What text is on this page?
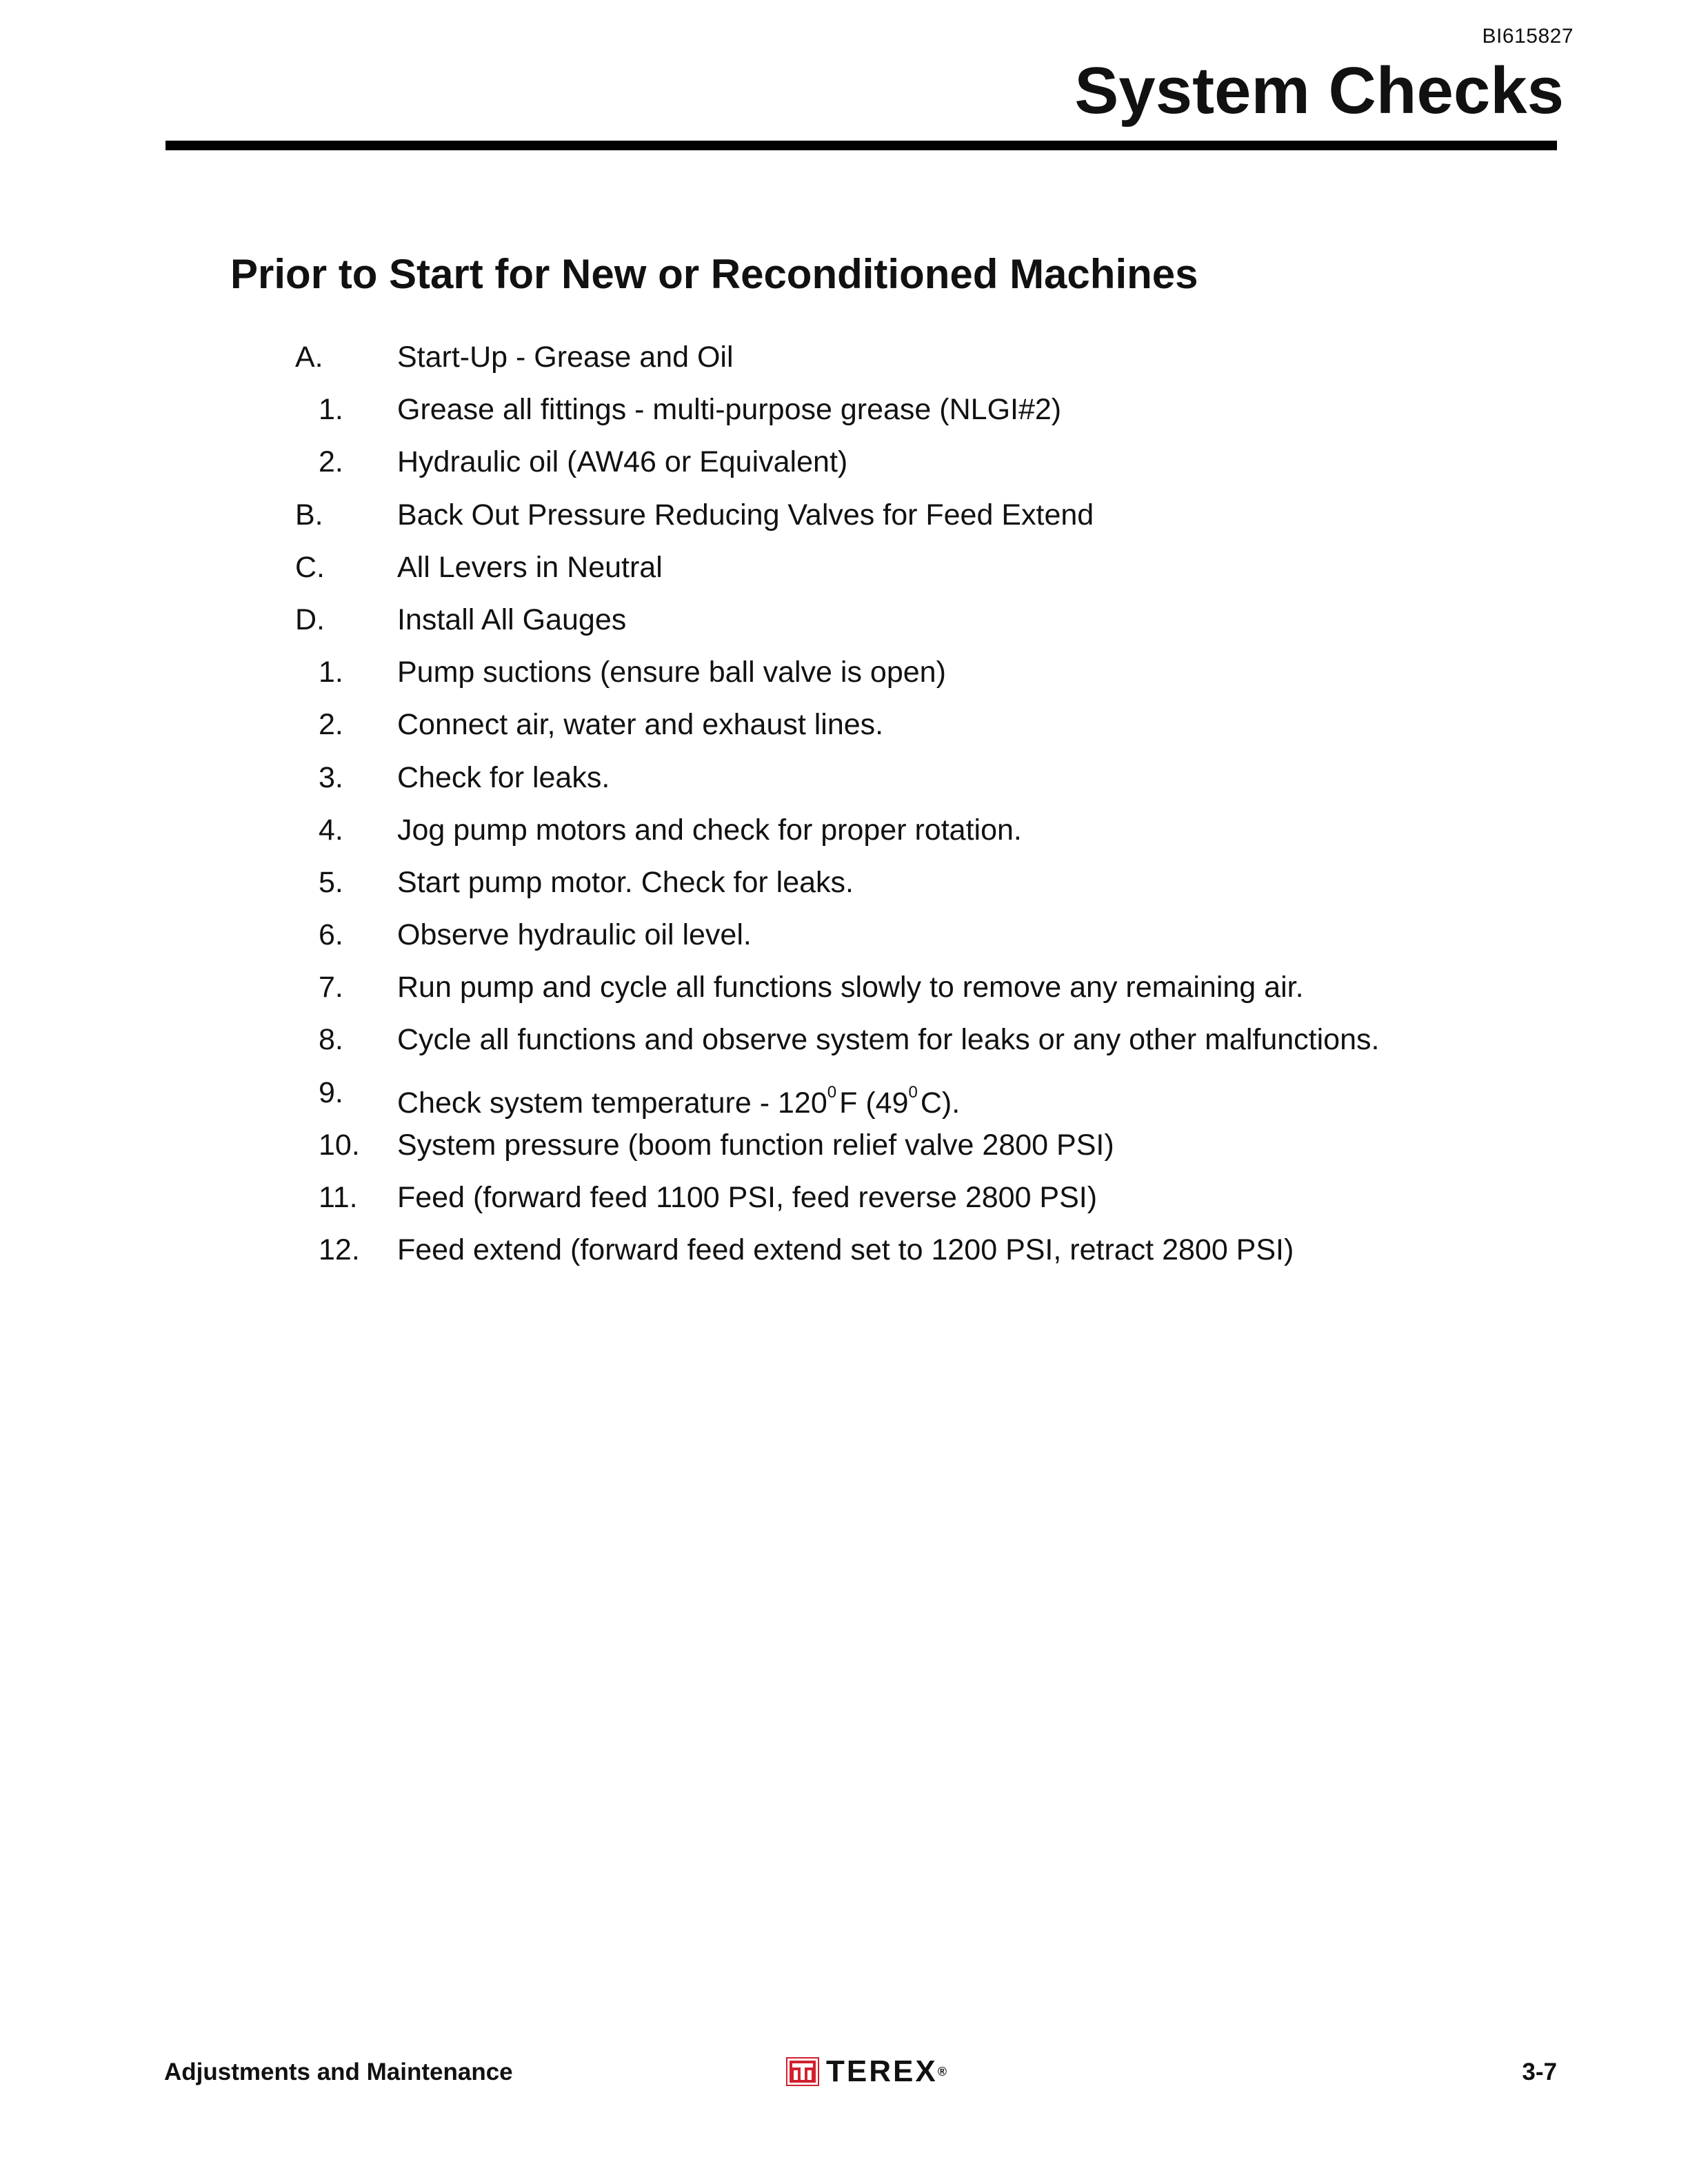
BI615827
System Checks
Prior to Start for New or Reconditioned Machines
A. Start-Up - Grease and Oil
1. Grease all fittings - multi-purpose grease (NLGI#2)
2. Hydraulic oil (AW46 or Equivalent)
B. Back Out Pressure Reducing Valves for Feed Extend
C. All Levers in Neutral
D. Install All Gauges
1. Pump suctions (ensure ball valve is open)
2. Connect air, water and exhaust lines.
3. Check for leaks.
4. Jog pump motors and check for proper rotation.
5. Start pump motor. Check for leaks.
6. Observe hydraulic oil level.
7. Run pump and cycle all functions slowly to remove any remaining air.
8. Cycle all functions and observe system for leaks or any other malfunctions.
9. Check system temperature - $120^0F$ $(49^0C)$.
10. System pressure (boom function relief valve 2800 PSI)
11. Feed (forward feed 1100 PSI, feed reverse 2800 PSI)
12. Feed extend (forward feed extend set to 1200 PSI, retract 2800 PSI)
Adjustments and Maintenance	TEREX ®	3-7
